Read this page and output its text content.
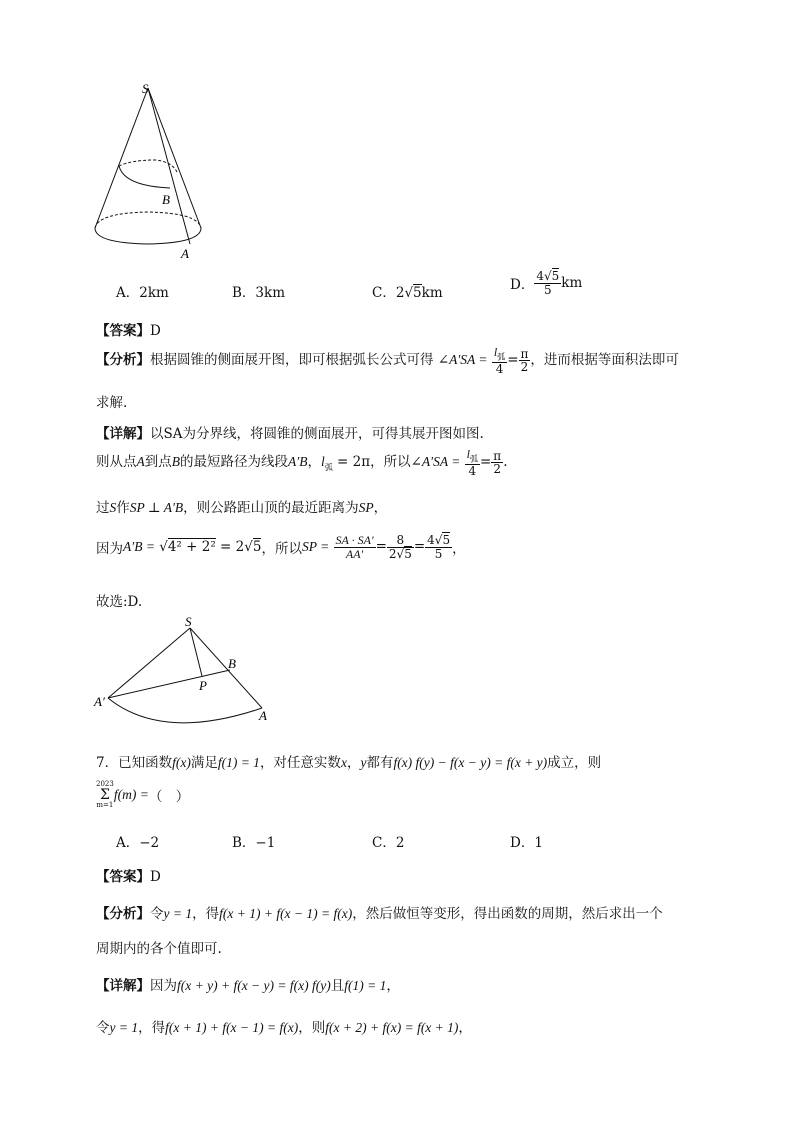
S
B
A
A．2km	B．3km	C．2√5km	D． $\frac{4√5}{5}$ km
【答案】D
【分析】根据圆锥的侧面展开图，即可根据弧长公式可得 ∠A′SA = $\frac{l_弧}{4} = \frac{\pi}{2}$ ，进而根据等面积法即可
求解.
【详解】以SA为分界线，将圆锥的侧面展开，可得其展开图如图.
则从点A到点B的最短路径为线段A′B，$l_弧 = 2\pi$，所以∠A′SA = $\frac{l_弧}{4} = \frac{\pi}{2}$ .
过S作SP ⊥ A′B，则公路距山顶的最近距离为SP，
因为A′B = √4² + 2² = 2√5，所以SP = $\frac{SA \cdot SA'}{AA'} = \frac{8}{2√5} = \frac{4√5}{5}$ ，
故选:D.
S
B
P
A′
A
7．已知函数f(x)满足f(1) = 1，对任意实数x，y都有f(x) f(y) − f(x − y) = f(x + y)成立，则
2023
Σ
m=1
f(m) =（　）
A．−2	B．−1	C．2	D．1
【答案】D
【分析】令y = 1，得f(x + 1) + f(x − 1) = f(x)，然后做恒等变形，得出函数的周期，然后求出一个
周期内的各个值即可.
【详解】因为f(x + y) + f(x − y) = f(x) f(y)且f(1) = 1，
令y = 1，得f(x + 1) + f(x − 1) = f(x)，则f(x + 2) + f(x) = f(x + 1)，
